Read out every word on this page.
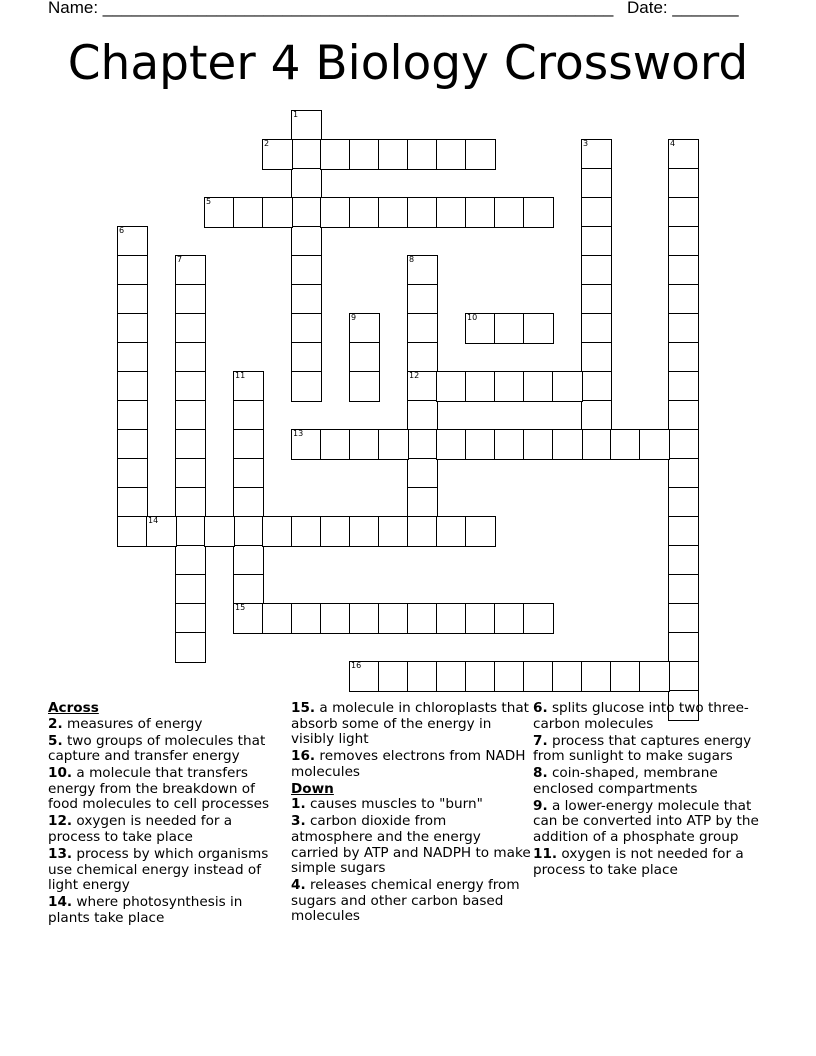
Name: ______________________________________________________ Date: _______
Chapter 4 Biology Crossword
1
2	3	4
5
6
7	8
12
9	10
11
13
14
15
16

Across

2. measures of energy

5. two groups of molecules that capture and transfer energy

10. a molecule that transfers energy from the breakdown of food molecules to cell processes

12. oxygen is needed for a process to take place

13. process by which organisms use chemical energy instead of light energy

14. where photosynthesis in plants take place

15. a molecule in chloroplasts that absorb some of the energy in visibly light

16. removes electrons from NADH molecules

Down

1. causes muscles to "burn"

3. carbon dioxide from atmosphere and the energy carried by ATP and NADPH to make simple sugars

4. releases chemical energy from sugars and other carbon based molecules

6. splits glucose into two three-carbon molecules

7. process that captures energy from sunlight to make sugars

8. coin-shaped, membrane enclosed compartments

9. a lower-energy molecule that can be converted into ATP by the addition of a phosphate group

11. oxygen is not needed for a process to take place
